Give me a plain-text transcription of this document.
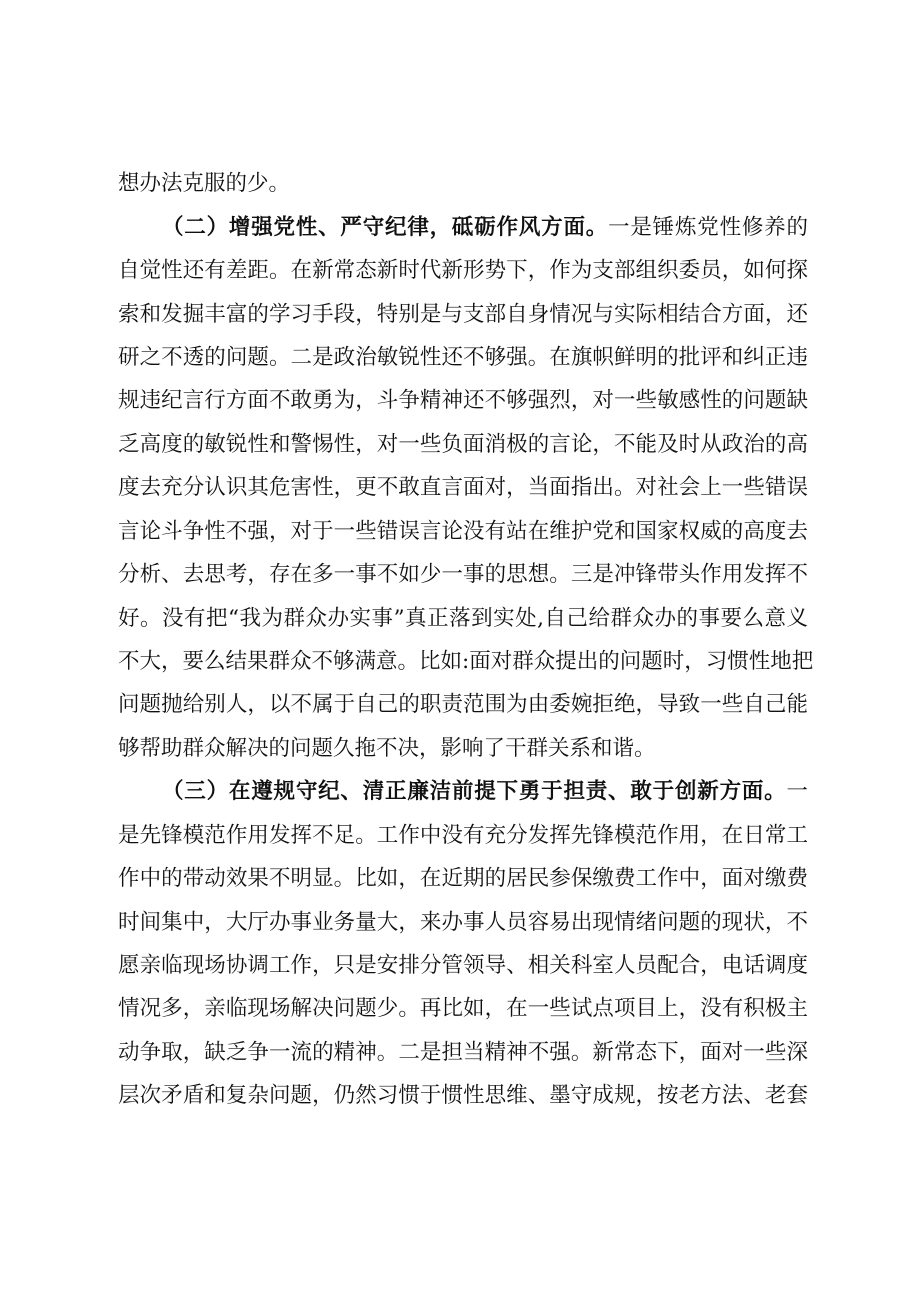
想办法克服的少。
（二）增强党性、严守纪律，砥砺作风方面。一是锤炼党性修养的
自觉性还有差距。在新常态新时代新形势下，作为支部组织委员，如何探
索和发掘丰富的学习手段，特别是与支部自身情况与实际相结合方面，还
研之不透的问题。二是政治敏锐性还不够强。在旗帜鲜明的批评和纠正违
规违纪言行方面不敢勇为，斗争精神还不够强烈，对一些敏感性的问题缺
乏高度的敏锐性和警惕性，对一些负面消极的言论，不能及时从政治的高
度去充分认识其危害性，更不敢直言面对，当面指出。对社会上一些错误
言论斗争性不强，对于一些错误言论没有站在维护党和国家权威的高度去
分析、去思考，存在多一事不如少一事的思想。三是冲锋带头作用发挥不
好。没有把“我为群众办实事”真正落到实处,自己给群众办的事要么意义
不大，要么结果群众不够满意。比如:面对群众提出的问题时，习惯性地把
问题抛给别人，以不属于自己的职责范围为由委婉拒绝，导致一些自己能
够帮助群众解决的问题久拖不决，影响了干群关系和谐。
（三）在遵规守纪、清正廉洁前提下勇于担责、敢于创新方面。一
是先锋模范作用发挥不足。工作中没有充分发挥先锋模范作用，在日常工
作中的带动效果不明显。比如，在近期的居民参保缴费工作中，面对缴费
时间集中，大厅办事业务量大，来办事人员容易出现情绪问题的现状，不
愿亲临现场协调工作，只是安排分管领导、相关科室人员配合，电话调度
情况多，亲临现场解决问题少。再比如，在一些试点项目上，没有积极主
动争取，缺乏争一流的精神。二是担当精神不强。新常态下，面对一些深
层次矛盾和复杂问题，仍然习惯于惯性思维、墨守成规，按老方法、老套
